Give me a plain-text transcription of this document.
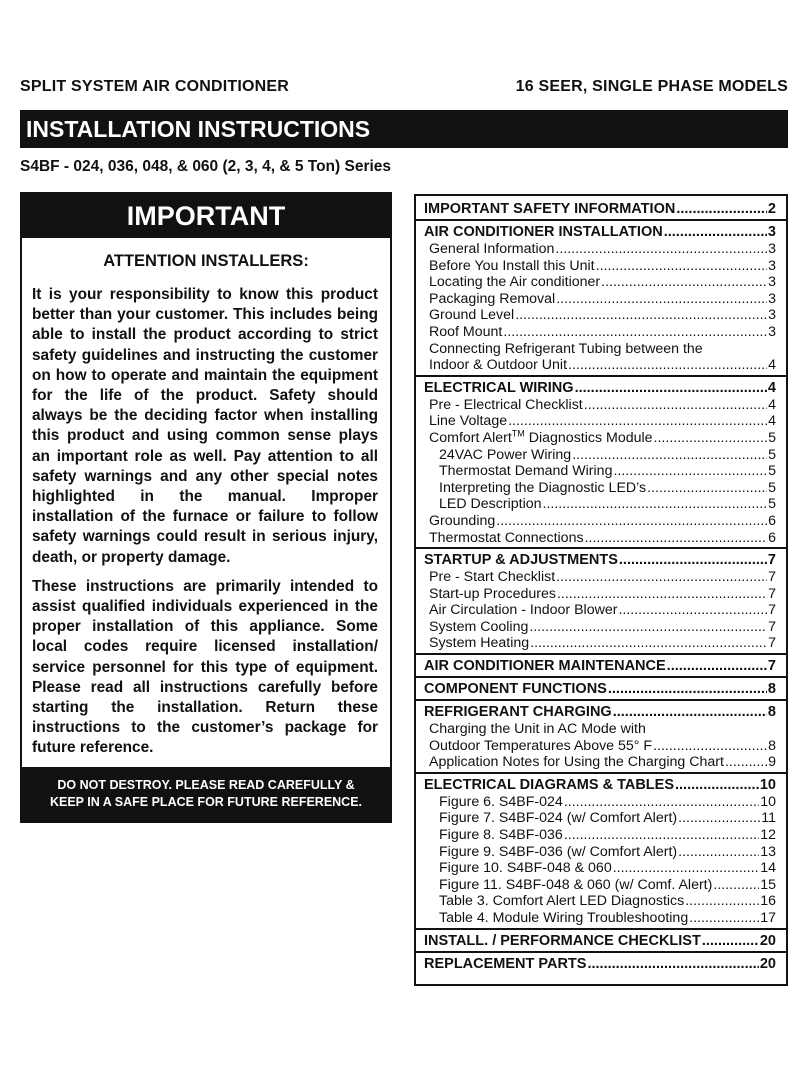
SPLIT SYSTEM AIR CONDITIONER	16 SEER, SINGLE PHASE MODELS
INSTALLATION INSTRUCTIONS
S4BF - 024, 036, 048, & 060 (2, 3, 4, & 5 Ton) Series
IMPORTANT
ATTENTION INSTALLERS:
It is your responsibility to know this product better than your customer. This includes being able to install the product according to strict safety guidelines and instructing the customer on how to operate and maintain the equipment for the life of the product. Safety should always be the deciding factor when installing this product and using common sense plays an important role as well. Pay attention to all safety warnings and any other special notes highlighted in the manual. Improper installation of the furnace or failure to follow safety warnings could result in serious injury, death, or property damage.
These instructions are primarily intended to assist qualified individuals experienced in the proper installation of this appliance. Some local codes require licensed installation/ service personnel for this type of equipment. Please read all instructions carefully before starting the installation. Return these instructions to the customer’s package for future reference.
DO NOT DESTROY. PLEASE READ CAREFULLY &
KEEP IN A SAFE PLACE FOR FUTURE REFERENCE.
IMPORTANT SAFETY INFORMATION .....	2
AIR CONDITIONER INSTALLATION .....	3
General Information .....	3
Before You Install this Unit .....	3
Locating the Air conditioner .....	3
Packaging Removal .....	3
Ground Level .....	3
Roof Mount .....	3
Connecting Refrigerant Tubing between the
Indoor & Outdoor Unit .....	4
ELECTRICAL WIRING .....	4
Pre - Electrical Checklist .....	4
Line Voltage .....	4
Comfort Alert™ Diagnostics Module .....	5
24VAC Power Wiring .....	5
Thermostat Demand Wiring .....	5
Interpreting the Diagnostic LED’s .....	5
LED Description .....	5
Grounding .....	6
Thermostat Connections .....	6
STARTUP & ADJUSTMENTS .....	7
Pre - Start Checklist .....	7
Start-up Procedures .....	7
Air Circulation - Indoor Blower .....	7
System Cooling .....	7
System Heating .....	7
AIR CONDITIONER MAINTENANCE .....	7
COMPONENT FUNCTIONS .....	8
REFRIGERANT CHARGING .....	8
Charging the Unit in AC Mode with
Outdoor Temperatures Above 55° F .....	8
Application Notes for Using the Charging Chart .....	9
ELECTRICAL DIAGRAMS & TABLES .....	10
Figure 6. S4BF-024 .....	10
Figure 7. S4BF-024 (w/ Comfort Alert) .....	11
Figure 8. S4BF-036 .....	12
Figure 9. S4BF-036 (w/ Comfort Alert) .....	13
Figure 10. S4BF-048 & 060 .....	14
Figure 11. S4BF-048 & 060 (w/ Comf. Alert) .....	15
Table 3. Comfort Alert LED Diagnostics .....	16
Table 4. Module Wiring Troubleshooting .....	17
INSTALL. / PERFORMANCE CHECKLIST .....	20
REPLACEMENT PARTS .....	20
